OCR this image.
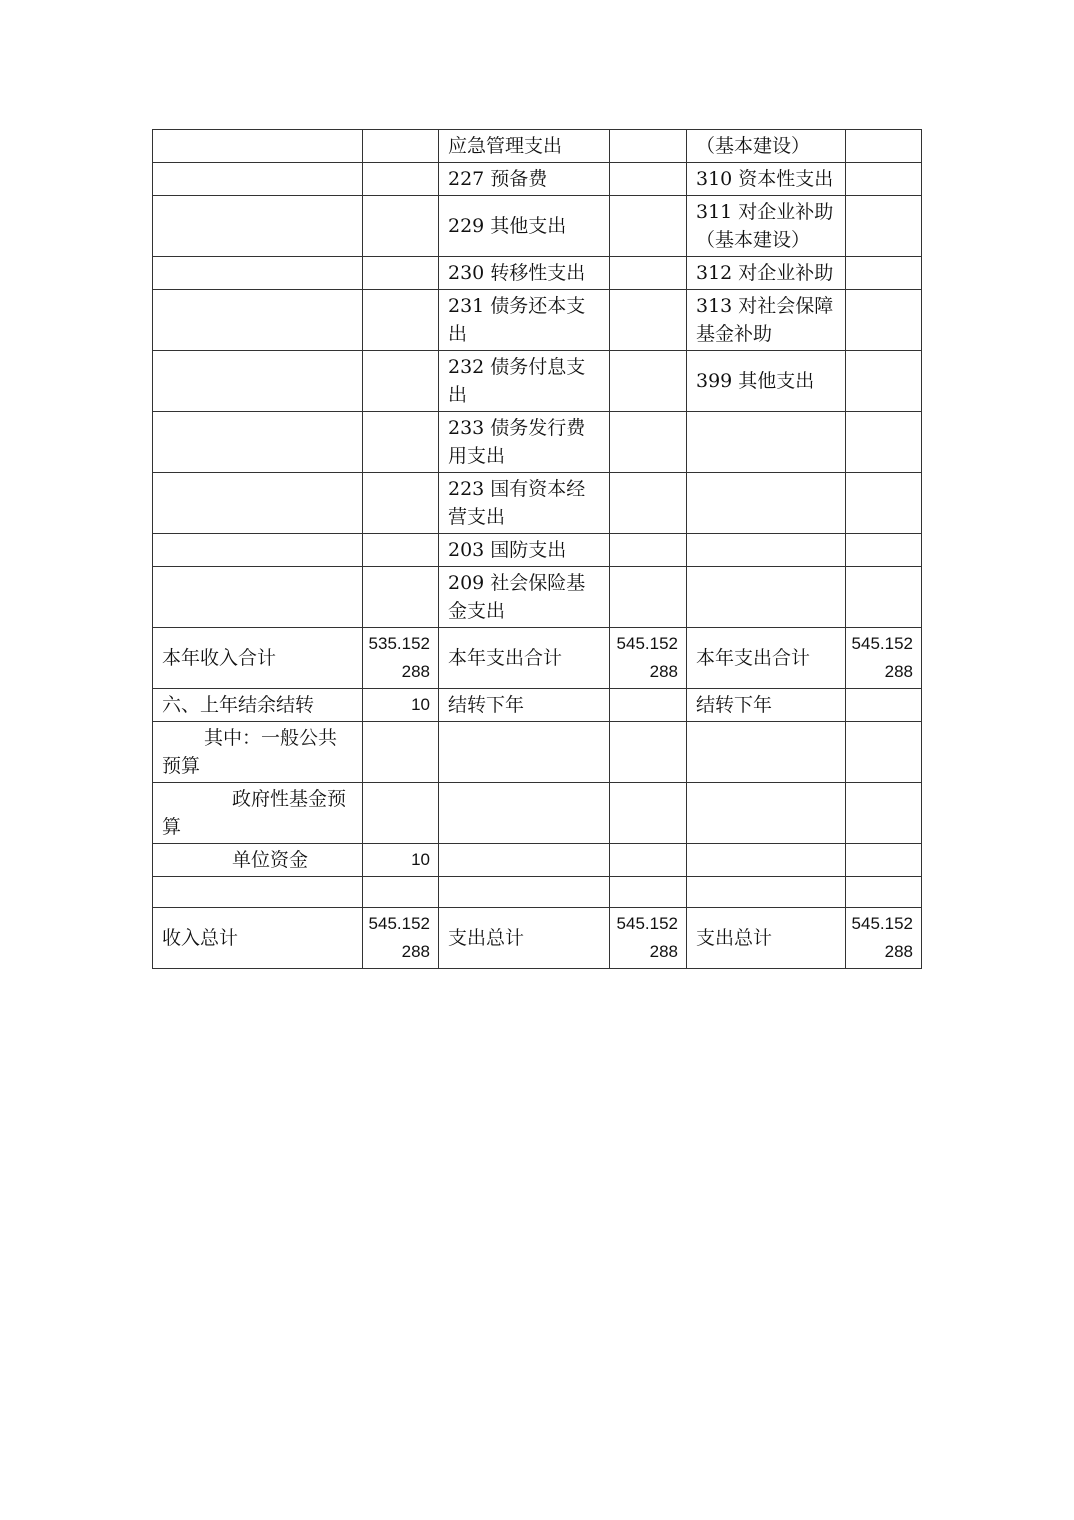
		应急管理支出		（基本建设）	
		227 预备费		310 资本性支出	
		229 其他支出		311 对企业补助（基本建设）	
		230 转移性支出		312 对企业补助	
		231 债务还本支出		313 对社会保障基金补助	
		232 债务付息支出		399 其他支出	
		233 债务发行费用支出			
		223 国有资本经营支出			
		203 国防支出			
		209 社会保险基金支出			
本年收入合计	535.152288	本年支出合计	545.152288	本年支出合计	545.152288
六、上年结余结转	10	结转下年		结转下年	
其中：一般公共预算					
政府性基金预算					
单位资金	10				

收入总计	545.152288	支出总计	545.152288	支出总计	545.152288
